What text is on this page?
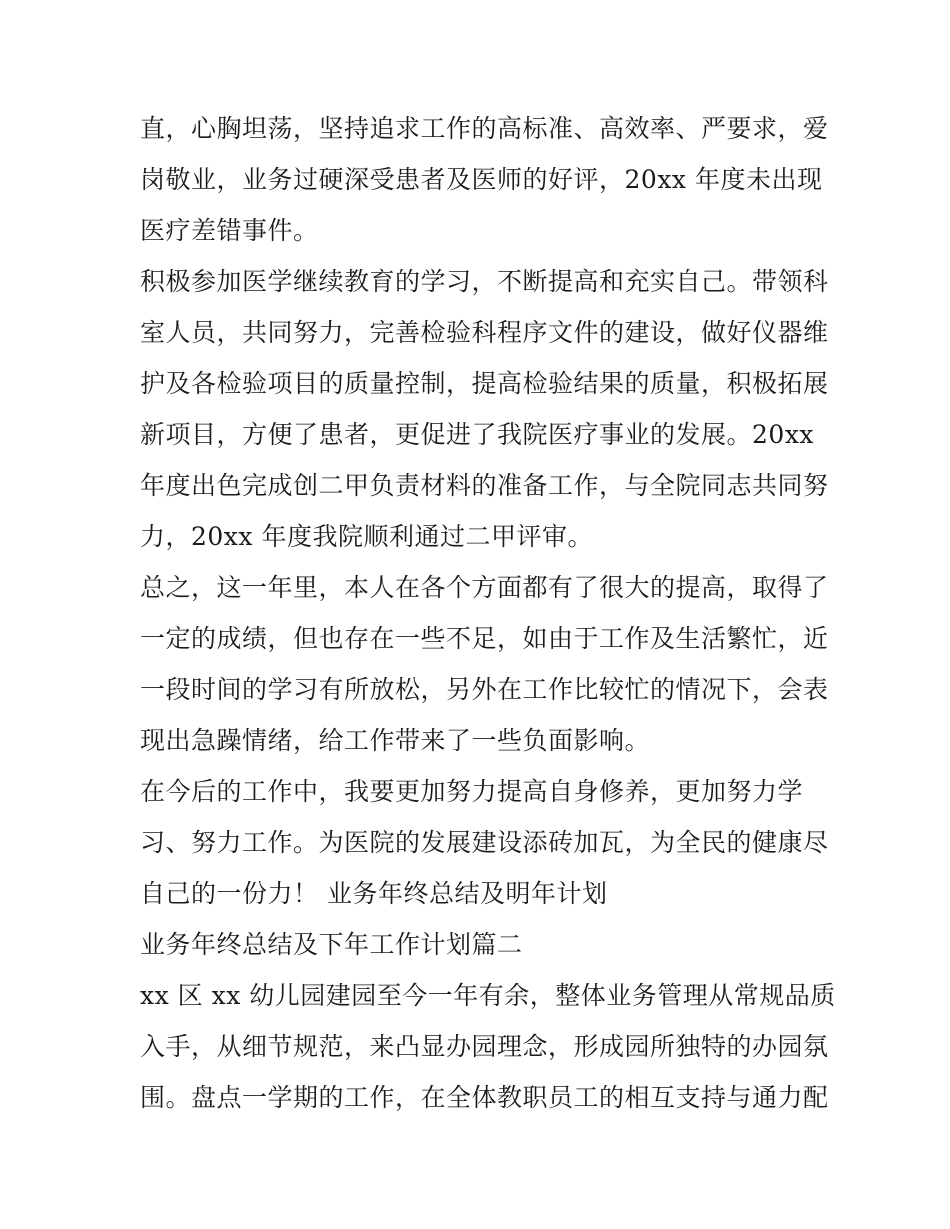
直，心胸坦荡，坚持追求工作的高标准、高效率、严要求，爱
岗敬业，业务过硬深受患者及医师的好评，20xx 年度未出现
医疗差错事件。
积极参加医学继续教育的学习，不断提高和充实自己。带领科
室人员，共同努力，完善检验科程序文件的建设，做好仪器维
护及各检验项目的质量控制，提高检验结果的质量，积极拓展
新项目，方便了患者，更促进了我院医疗事业的发展。20xx
年度出色完成创二甲负责材料的准备工作，与全院同志共同努
力，20xx 年度我院顺利通过二甲评审。
总之，这一年里，本人在各个方面都有了很大的提高，取得了
一定的成绩，但也存在一些不足，如由于工作及生活繁忙，近
一段时间的学习有所放松，另外在工作比较忙的情况下，会表
现出急躁情绪，给工作带来了一些负面影响。
在今后的工作中，我要更加努力提高自身修养，更加努力学
习、努力工作。为医院的发展建设添砖加瓦，为全民的健康尽
自己的一份力！ 业务年终总结及明年计划
业务年终总结及下年工作计划篇二
xx 区 xx 幼儿园建园至今一年有余，整体业务管理从常规品质
入手，从细节规范，来凸显办园理念，形成园所独特的办园氛
围。盘点一学期的工作，在全体教职员工的相互支持与通力配
